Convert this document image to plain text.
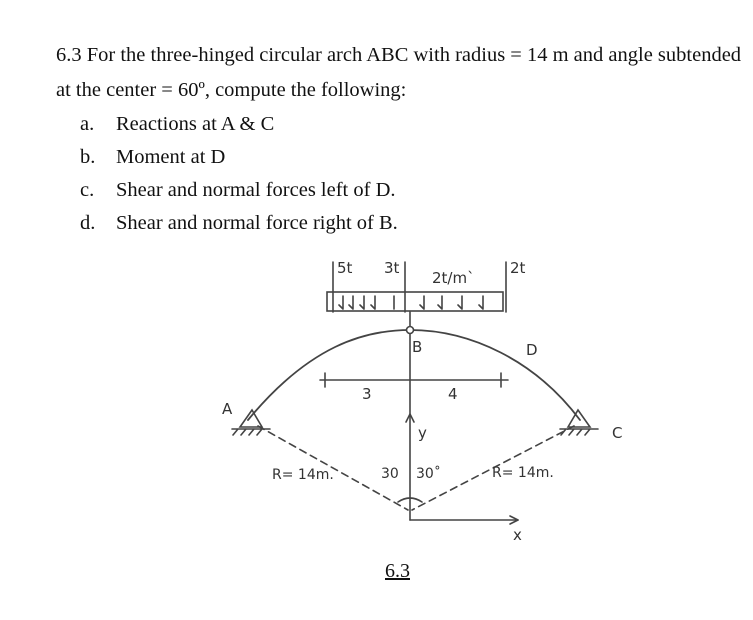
6.3 For the three-hinged circular arch ABC with radius = 14 m and angle subtended at the center = 60º, compute the following:

a. Reactions at A & C
b. Moment at D
c. Shear and normal forces left of D.
d. Shear and normal force right of B.
5t 3t
2t/m`
2t
A
B
C
D
3	4
y
x
R= 14m.	R= 14m.
30 30˚
6.3
